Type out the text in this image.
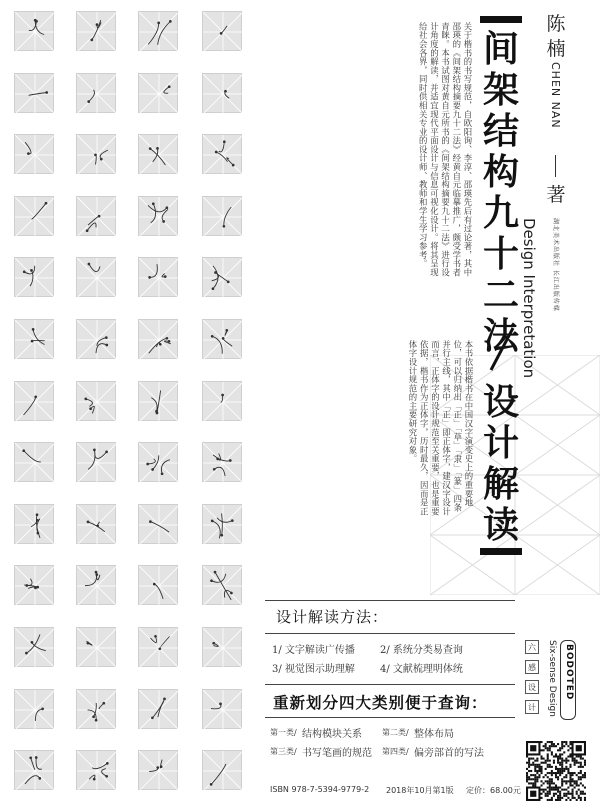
陈
楠
CHEN NAN
著
Design Interpretation 湖北美术出版社 长江出版传媒
间
架
结
构
九
十
二
法
设
计
解
读
关于楷书的书写规范，自欧阳询、李淳、邵瑛先后有过论著，其中邵瑛的《间架结构摘要九十二法》经黄自元临摹推广，颇受学书者青睐。本书试图对黄自元所书的《间架结构摘要九十二法》进行设计角度的解读，并适宜现代平面设计与信息可视化设计。将其呈现给社会各界，同时供相关专业的设计师、教师和学生学习参考。
本书依据楷书在中国汉字演变史上的重要地位，可以归纳出「正」「草」「隶」「篆」四条并行主线，其中「正」即正体字，建汉字设计而言，正体字的设计规范至关重要，也是重要依据，楷书作为正体字，历时最久，因而是正体字设计规范的主要研究对象。
设计解读方法：
1/ 文字解读广传播	2/ 系统分类易查询
3/ 视觉图示助理解	4/ 文献梳理明体统
重新划分四大类别便于查询：
第一类/ 结构模块关系	第二类/ 整体布局
第三类/ 书写笔画的规范 第四类/ 偏旁部首的写法
BODOTED
Six-sense Design
六
感
设
计
ISBN 978-7-5394-9779-2 2018年10月第1版 定价：68.00元
